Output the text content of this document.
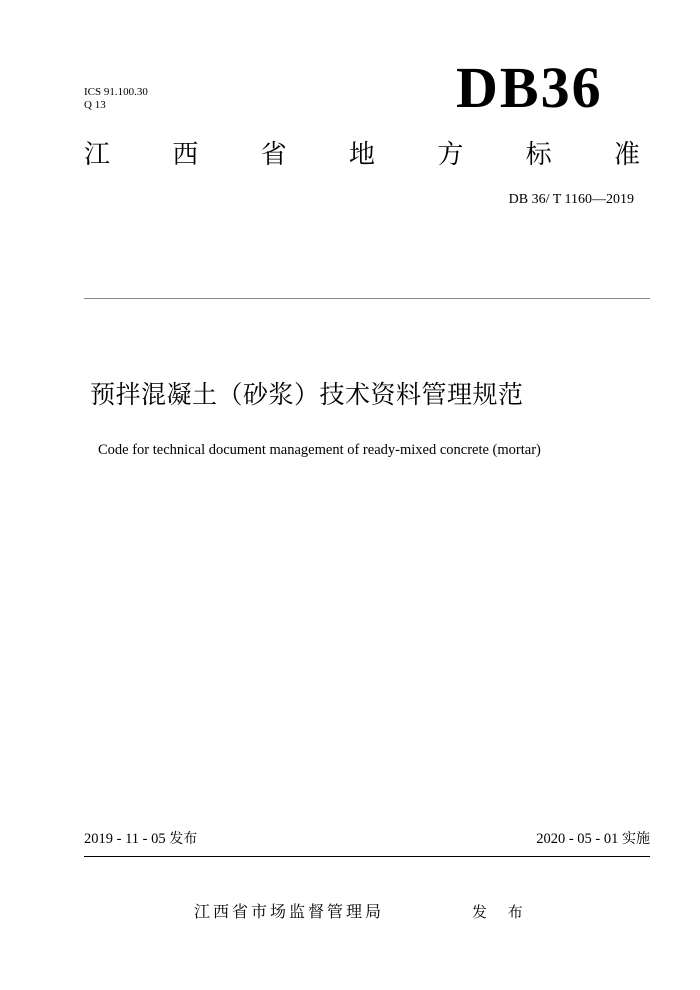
ICS 91.100.30
Q 13	DB36
江 西 省 地 方 标 准
DB 36/ T 1160—2019
预拌混凝土（砂浆）技术资料管理规范
Code for technical document management of ready-mixed concrete (mortar)
2019 - 11 - 05 发布	2020 - 05 - 01 实施
江西省市场监督管理局	发 布
